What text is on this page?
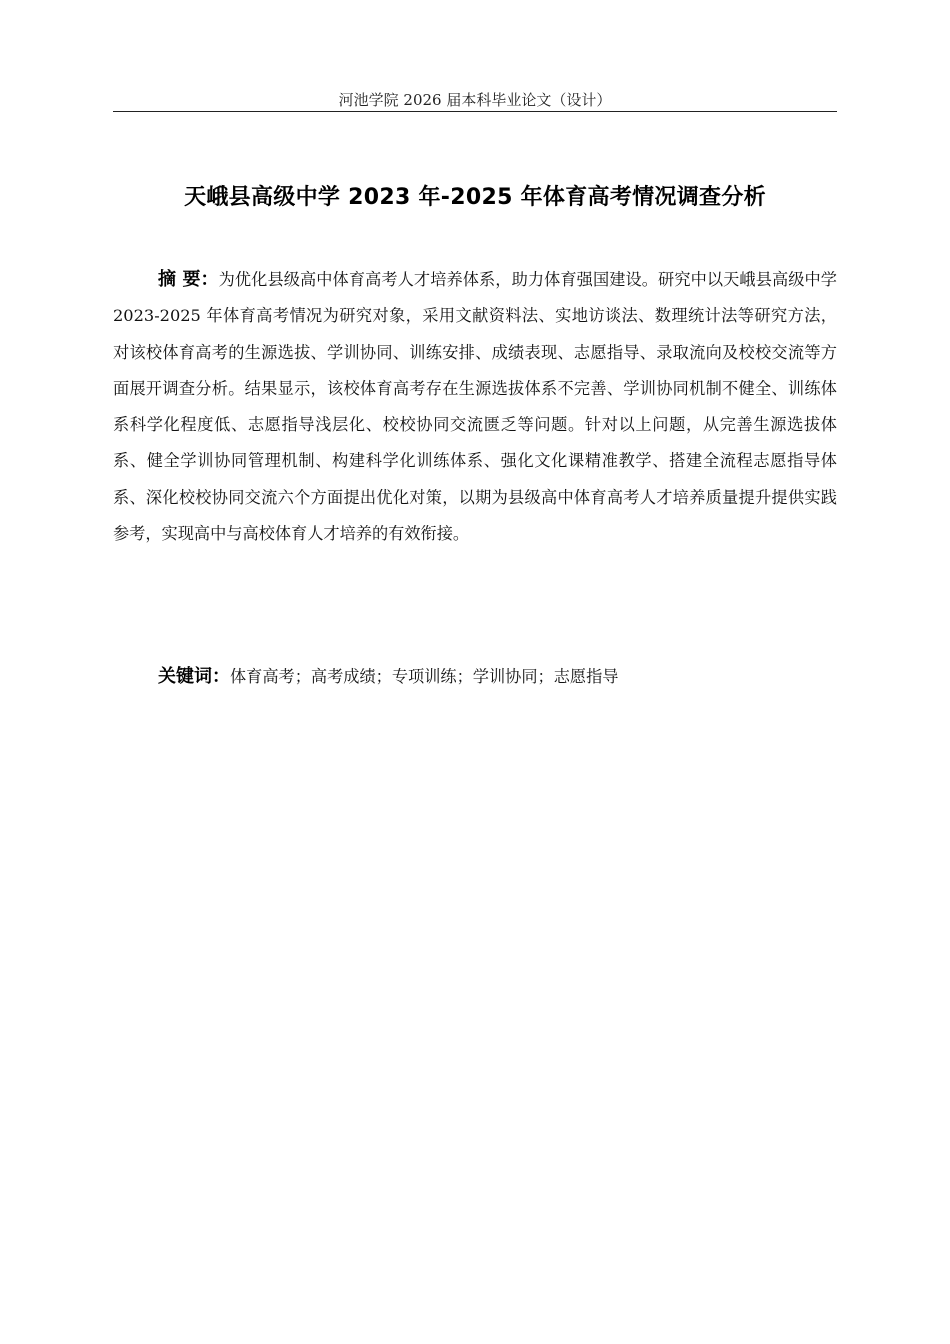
河池学院 2026 届本科毕业论文（设计）
天峨县高级中学 2023 年-2025 年体育高考情况调查分析
摘 要：为优化县级高中体育高考人才培养体系，助力体育强国建设。研究中以天峨县高级中学 2023-2025 年体育高考情况为研究对象，采用文献资料法、实地访谈法、数理统计法等研究方法，对该校体育高考的生源选拔、学训协同、训练安排、成绩表现、志愿指导、录取流向及校校交流等方面展开调查分析。结果显示，该校体育高考存在生源选拔体系不完善、学训协同机制不健全、训练体系科学化程度低、志愿指导浅层化、校校协同交流匮乏等问题。针对以上问题，从完善生源选拔体系、健全学训协同管理机制、构建科学化训练体系、强化文化课精准教学、搭建全流程志愿指导体系、深化校校协同交流六个方面提出优化对策，以期为县级高中体育高考人才培养质量提升提供实践参考，实现高中与高校体育人才培养的有效衔接。
关键词：体育高考；高考成绩；专项训练；学训协同；志愿指导
